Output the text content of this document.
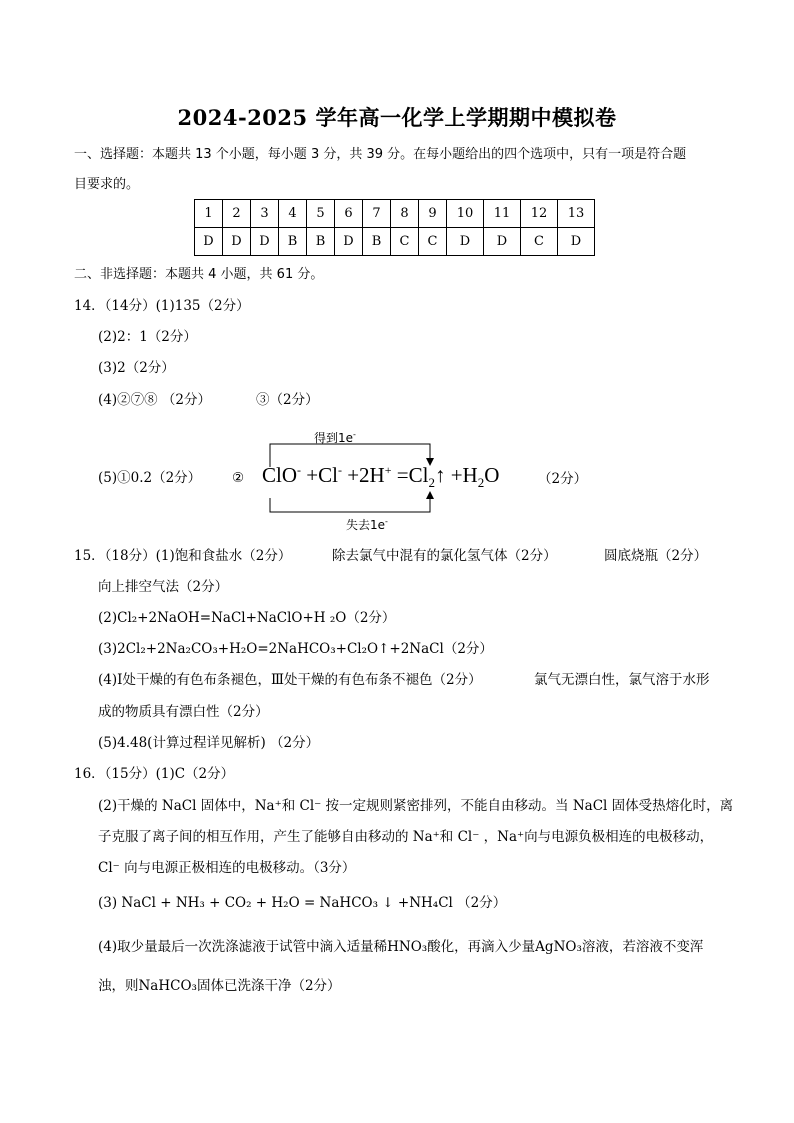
2024-2025 学年高一化学上学期期中模拟卷
一、选择题：本题共 13 个小题，每小题 3 分，共 39 分。在每小题给出的四个选项中，只有一项是符合题
目要求的。
1	2	3	4	5	6	7	8	9	10	11	12	13
D	D	D	B	B	D	B	C	C	D	D	C	D
二、非选择题：本题共 4 小题，共 61 分。
14．（14分）(1)135（2分）
(2)2：1（2分）
(3)2（2分）
(4)②⑦⑧ （2分）	③（2分）
(5)①0.2（2分） ②
得到1e-
失去1e-
$ClO^- +Cl^- +2H^+ =Cl_2↑ +H_2O$	（2分）
15．（18分）(1)饱和食盐水（2分）	除去氯气中混有的氯化氢气体（2分）	圆底烧瓶（2分）
向上排空气法（2分）
(2)Cl₂+2NaOH=NaCl+NaClO+H ₂O（2分）
(3)2Cl₂+2Na₂CO₃+H₂O=2NaHCO₃+Cl₂O↑+2NaCl（2分）
(4)Ⅰ处干燥的有色布条褪色，Ⅲ处干燥的有色布条不褪色（2分）	氯气无漂白性，氯气溶于水形
成的物质具有漂白性（2分）
(5)4.48(计算过程详见解析) （2分）
16．（15分）(1)C（2分）
(2)干燥的 NaCl 固体中，Na⁺和 Cl⁻ 按一定规则紧密排列，不能自由移动。当 NaCl 固体受热熔化时，离
子克服了离子间的相互作用，产生了能够自由移动的 Na⁺和 Cl⁻ ，Na⁺向与电源负极相连的电极移动，
Cl⁻ 向与电源正极相连的电极移动。（3分）
(3) NaCl + NH₃ + CO₂ + H₂O = NaHCO₃ ↓ +NH₄Cl （2分）
(4)取少量最后一次洗涤滤液于试管中滴入适量稀HNO₃酸化，再滴入少量AgNO₃溶液，若溶液不变浑
浊，则NaHCO₃固体已洗涤干净（2分）
